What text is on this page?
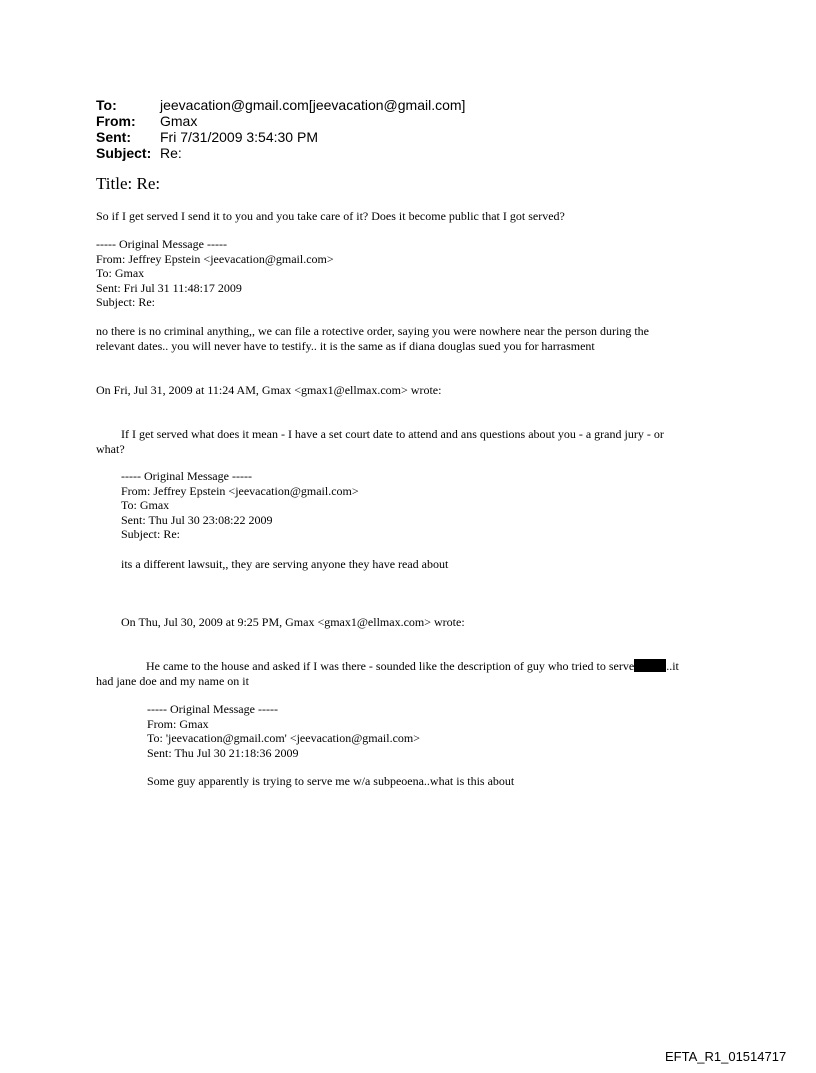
To:	jeevacation@gmail.com[jeevacation@gmail.com]
From:	Gmax
Sent:	Fri 7/31/2009 3:54:30 PM
Subject: Re:
Title: Re:
So if I get served I send it to you and you take care of it? Does it become public that I got served?
----- Original Message -----
From: Jeffrey Epstein <jeevacation@gmail.com>
To: Gmax
Sent: Fri Jul 31 11:48:17 2009
Subject: Re:
no there is no criminal anything,, we can file a rotective order, saying you were nowhere near the person during the
relevant dates.. you will never have to testify.. it is the same as if diana douglas sued you for harrasment
On Fri, Jul 31, 2009 at 11:24 AM, Gmax <gmax1@ellmax.com> wrote:
If I get served what does it mean - I have a set court date to attend and ans questions about you - a grand jury - or
what?
----- Original Message -----
From: Jeffrey Epstein <jeevacation@gmail.com>
To: Gmax
Sent: Thu Jul 30 23:08:22 2009
Subject: Re:
its a different lawsuit,, they are serving anyone they have read about
On Thu, Jul 30, 2009 at 9:25 PM, Gmax <gmax1@ellmax.com> wrote:
He came to the house and asked if I was there - sounded like the description of guy who tried to serve	..it
had jane doe and my name on it
----- Original Message -----
From: Gmax
To: 'jeevacation@gmail.com' <jeevacation@gmail.com>
Sent: Thu Jul 30 21:18:36 2009
Some guy apparently is trying to serve me w/a subpeoena..what is this about
EFTA_R1_01514717
